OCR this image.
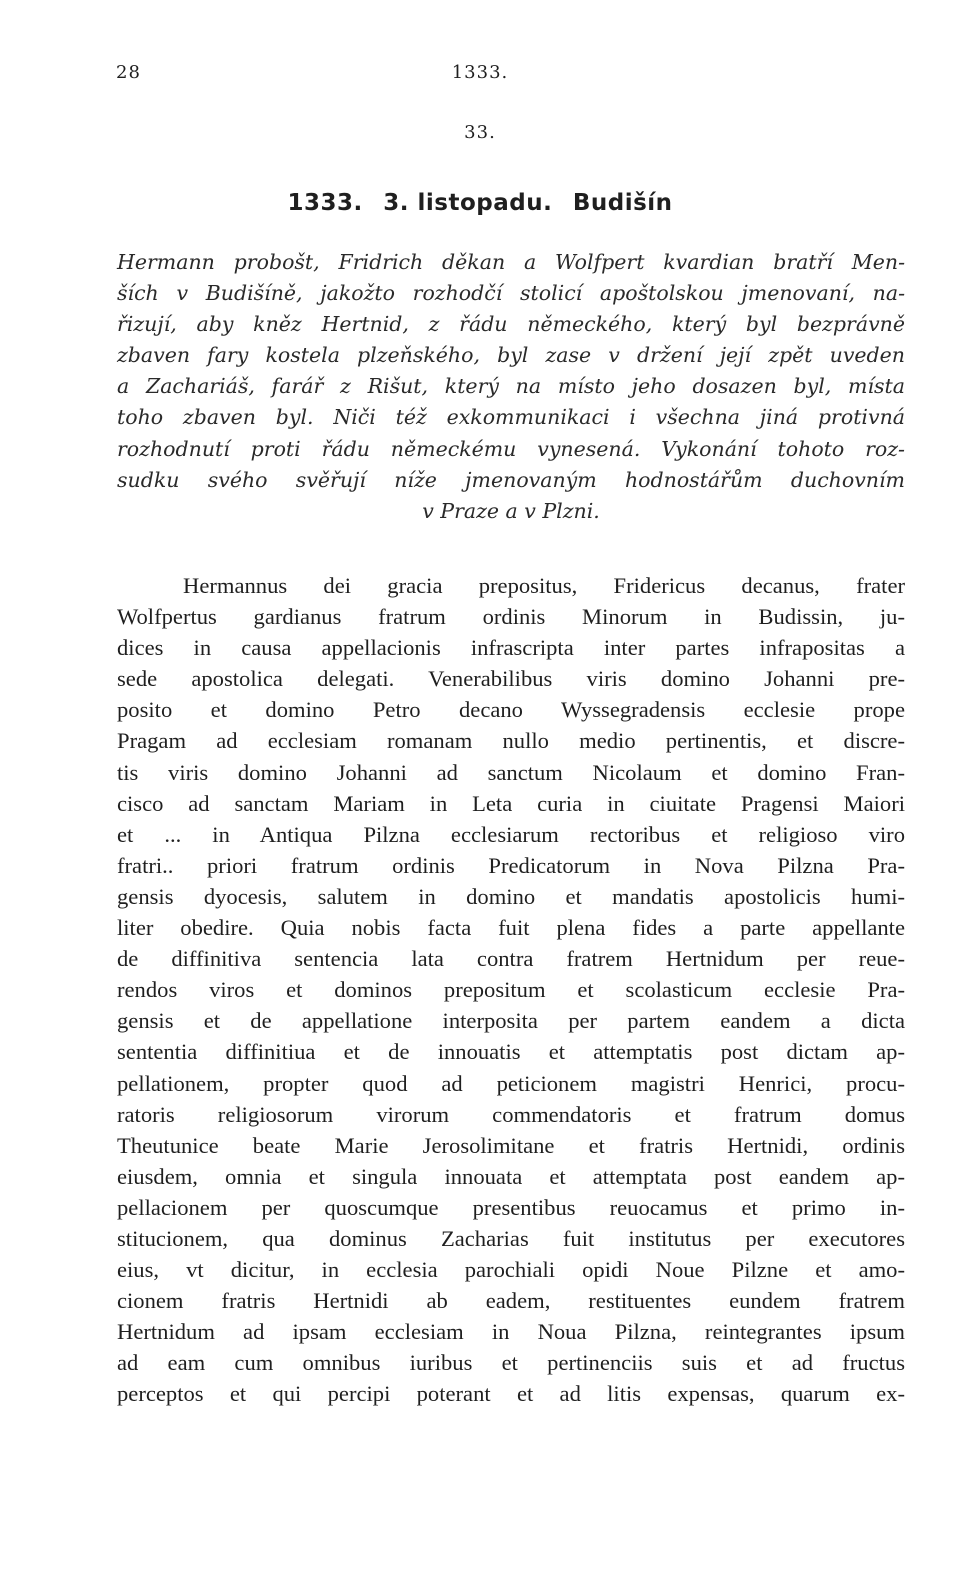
28	1333.
33.
1333. 3. listopadu. Budišín
Hermann probošt, Fridrich děkan a Wolfpert kvardian bratří Men-
ších v Budišíně, jakožto rozhodčí stolicí apoštolskou jmenovaní, na-
řizují, aby kněz Hertnid, z řádu německého, který byl bezprávně
zbaven fary kostela plzeňského, byl zase v držení její zpět uveden
a Zachariáš, farář z Rišut, který na místo jeho dosazen byl, místa
toho zbaven byl. Niči též exkommunikaci i všechna jiná protivná
rozhodnutí proti řádu německému vynesená. Vykonání tohoto roz-
sudku svého svěřují níže jmenovaným hodnostářům duchovním
v Praze a v Plzni.
Hermannus dei gracia prepositus, Fridericus decanus, frater
Wolfpertus gardianus fratrum ordinis Minorum in Budissin, ju-
dices in causa appellacionis infrascripta inter partes infrapositas a
sede apostolica delegati. Venerabilibus viris domino Johanni pre-
posito et domino Petro decano Wyssegradensis ecclesie prope
Pragam ad ecclesiam romanam nullo medio pertinentis, et discre-
tis viris domino Johanni ad sanctum Nicolaum et domino Fran-
cisco ad sanctam Mariam in Leta curia in ciuitate Pragensi Maiori
et ... in Antiqua Pilzna ecclesiarum rectoribus et religioso viro
fratri.. priori fratrum ordinis Predicatorum in Nova Pilzna Pra-
gensis dyocesis, salutem in domino et mandatis apostolicis humi-
liter obedire. Quia nobis facta fuit plena fides a parte appellante
de diffinitiva sentencia lata contra fratrem Hertnidum per reue-
rendos viros et dominos prepositum et scolasticum ecclesie Pra-
gensis et de appellatione interposita per partem eandem a dicta
sententia diffinitiua et de innouatis et attemptatis post dictam ap-
pellationem, propter quod ad peticionem magistri Henrici, procu-
ratoris religiosorum virorum commendatoris et fratrum domus
Theutunice beate Marie Jerosolimitane et fratris Hertnidi, ordinis
eiusdem, omnia et singula innouata et attemptata post eandem ap-
pellacionem per quoscumque presentibus reuocamus et primo in-
stitucionem, qua dominus Zacharias fuit institutus per executores
eius, vt dicitur, in ecclesia parochiali opidi Noue Pilzne et amo-
cionem fratris Hertnidi ab eadem, restituentes eundem fratrem
Hertnidum ad ipsam ecclesiam in Noua Pilzna, reintegrantes ipsum
ad eam cum omnibus iuribus et pertinenciis suis et ad fructus
perceptos et qui percipi poterant et ad litis expensas, quarum ex-
